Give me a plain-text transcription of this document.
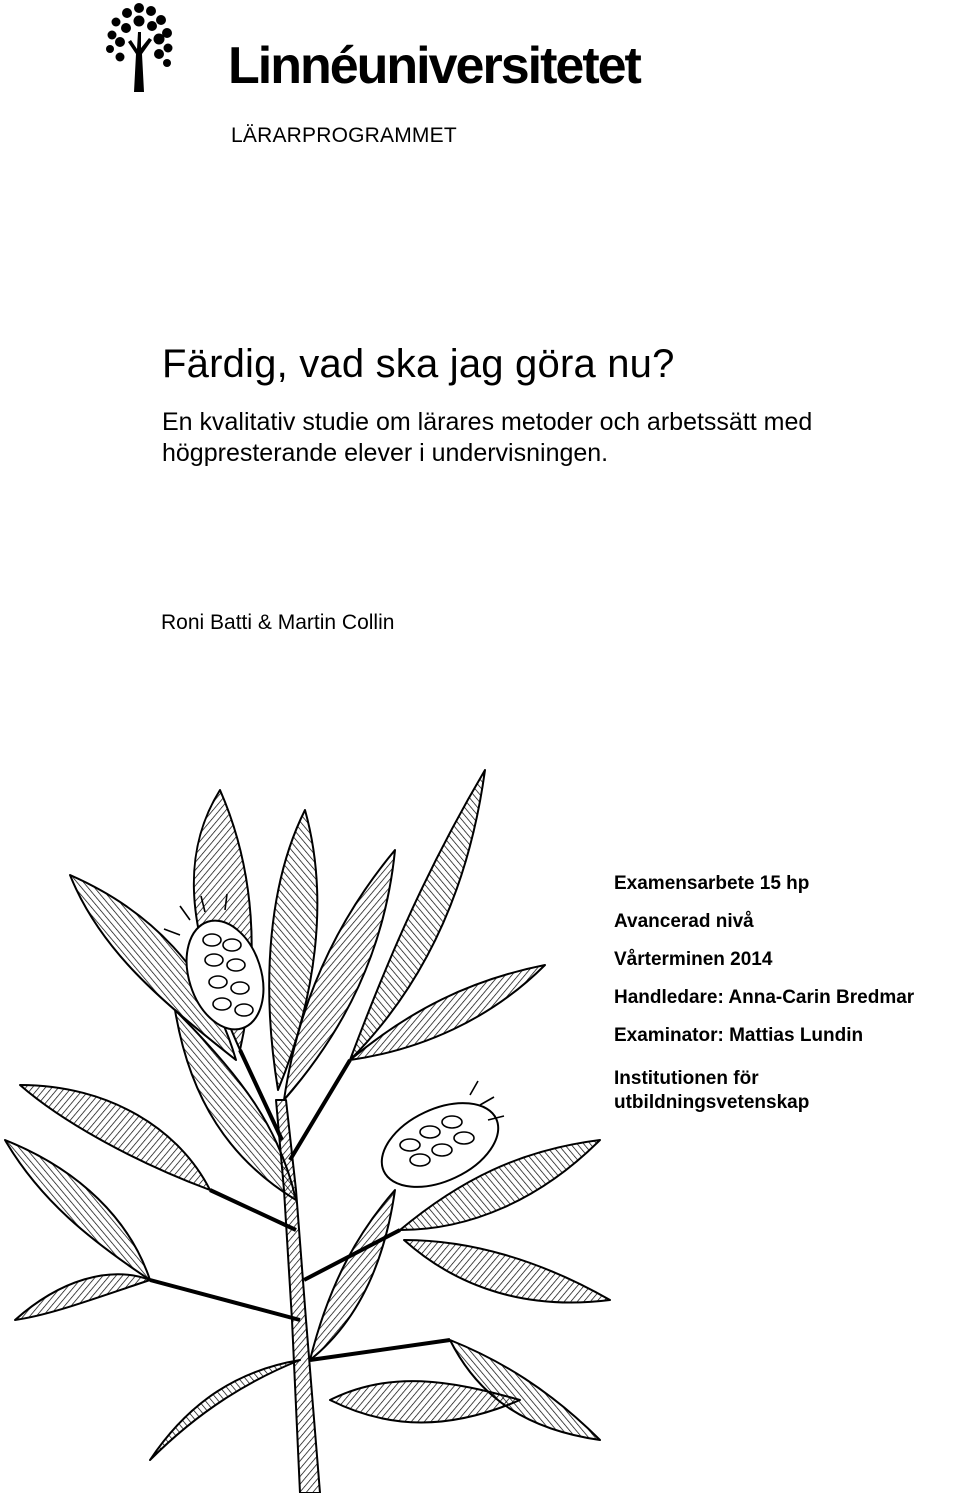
Linnéuniversitetet
LÄRARPROGRAMMET
Färdig, vad ska jag göra nu?

En kvalitativ studie om lärares metoder och arbetssätt med högpresterande elever i undervisningen.

Roni Batti & Martin Collin
Examensarbete 15 hp
Avancerad nivå
Vårterminen 2014
Handledare: Anna-Carin Bredmar
Examinator: Mattias Lundin
Institutionen för
utbildningsvetenskap
